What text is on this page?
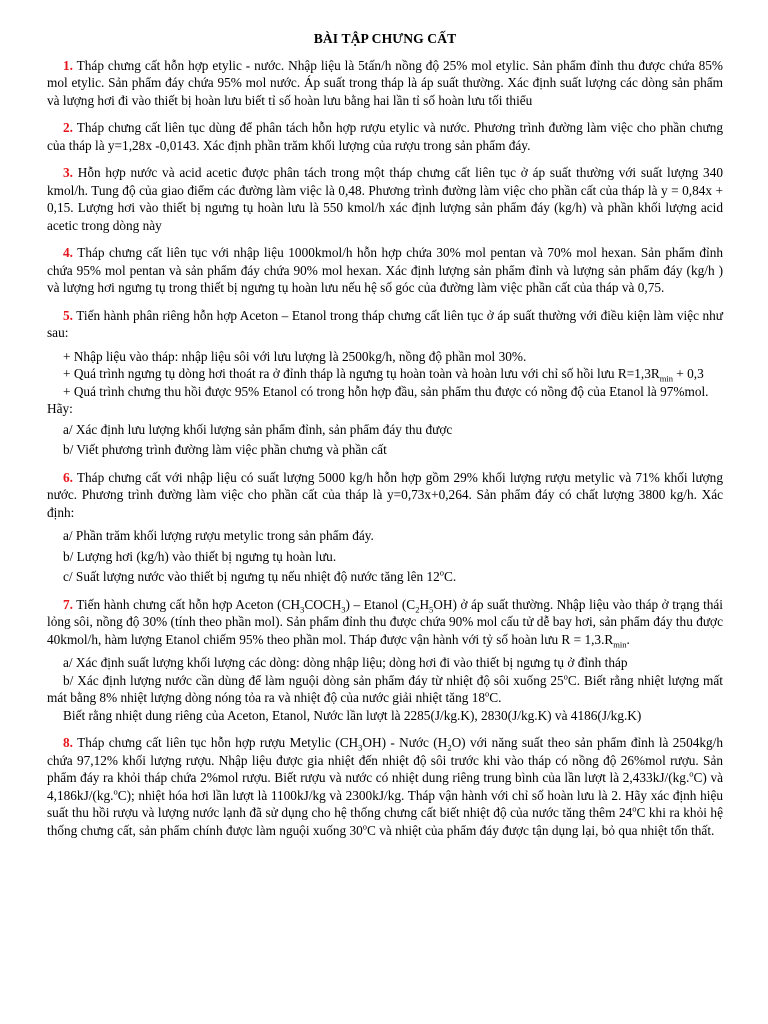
BÀI TẬP CHƯNG CẤT

1. Tháp chưng cất hỗn hợp etylic - nước. Nhập liệu là 5tấn/h nồng độ 25% mol etylic. Sản phẩm đỉnh thu được chứa 85% mol etylic. Sản phẩm đáy chứa 95% mol nước. Áp suất trong tháp là áp suất thường. Xác định suất lượng các dòng sản phẩm và lượng hơi đi vào thiết bị hoàn lưu biết tỉ số hoàn lưu bằng hai lần tỉ số hoàn lưu tối thiểu

2. Tháp chưng cất liên tục dùng để phân tách hỗn hợp rượu etylic và nước. Phương trình đường làm việc cho phần chưng của tháp là y=1,28x -0,0143. Xác định phần trăm khối lượng của rượu trong sản phẩm đáy.

3. Hỗn hợp nước và acid acetic được phân tách trong một tháp chưng cất liên tục ở áp suất thường với suất lượng 340 kmol/h. Tung độ của giao điểm các đường làm việc là 0,48. Phương trình đường làm việc cho phần cất của tháp là y = 0,84x + 0,15. Lượng hơi vào thiết bị ngưng tụ hoàn lưu là 550 kmol/h xác định lượng sản phẩm đáy (kg/h) và phần khối lượng acid acetic trong dòng này

4. Tháp chưng cất liên tục với nhập liệu 1000kmol/h hỗn hợp chứa 30% mol pentan và 70% mol hexan. Sản phẩm đỉnh chứa 95% mol pentan và sản phẩm đáy chứa 90% mol hexan. Xác định lượng sản phẩm đỉnh và lượng sản phẩm đáy (kg/h ) và lượng hơi ngưng tụ trong thiết bị ngưng tụ hoàn lưu nếu hệ số góc của đường làm việc phần cất của tháp và 0,75.

5. Tiến hành phân riêng hỗn hợp Aceton – Etanol trong tháp chưng cất liên tục ở áp suất thường với điều kiện làm việc như sau:

+ Nhập liệu vào tháp: nhập liệu sôi với lưu lượng là 2500kg/h, nồng độ phần mol 30%.

+ Quá trình ngưng tụ dòng hơi thoát ra ở đỉnh tháp là ngưng tụ hoàn toàn và hoàn lưu với chỉ số hồi lưu $R=1,3R_{min} + 0,3$

+ Quá trình chưng thu hồi được 95% Etanol có trong hỗn hợp đầu, sản phẩm thu được có nồng độ của Etanol là 97%mol.

Hãy:

a/ Xác định lưu lượng khối lượng sản phẩm đỉnh, sản phẩm đáy thu được

b/ Viết phương trình đường làm việc phần chưng và phần cất

6. Tháp chưng cất với nhập liệu có suất lượng 5000 kg/h hỗn hợp gồm 29% khối lượng rượu metylic và 71% khối lượng nước. Phương trình đường làm việc cho phần cất của tháp là y=0,73x+0,264. Sản phẩm đáy có chất lượng 3800 kg/h. Xác định:

a/ Phần trăm khối lượng rượu metylic trong sản phẩm đáy.

b/ Lượng hơi (kg/h) vào thiết bị ngưng tụ hoàn lưu.

c/ Suất lượng nước vào thiết bị ngưng tụ nếu nhiệt độ nước tăng lên 12$^o$C.

7. Tiến hành chưng cất hỗn hợp Aceton $(CH_3COCH_3)$ – Etanol $(C_2H_5OH)$ ở áp suất thường. Nhập liệu vào tháp ở trạng thái lỏng sôi, nồng độ 30% (tính theo phần mol). Sản phẩm đỉnh thu được chứa 90% mol cấu tử dễ bay hơi, sản phẩm đáy thu được 40kmol/h, hàm lượng Etanol chiếm 95% theo phần mol. Tháp được vận hành với tỷ số hoàn lưu $R = 1,3.R_{min}$.

a/ Xác định suất lượng khối lượng các dòng: dòng nhập liệu; dòng hơi đi vào thiết bị ngưng tụ ở đỉnh tháp

b/ Xác định lượng nước cần dùng để làm nguội dòng sản phẩm đáy từ nhiệt độ sôi xuống 25$^o$C. Biết rằng nhiệt lượng mất mát bằng 8% nhiệt lượng dòng nóng tỏa ra và nhiệt độ của nước giải nhiệt tăng 18$^o$C.

Biết rằng nhiệt dung riêng của Aceton, Etanol, Nước lần lượt là 2285(J/kg.K), 2830(J/kg.K) và 4186(J/kg.K)

8. Tháp chưng cất liên tục hỗn hợp rượu Metylic $(CH_3OH)$ - Nước $(H_2O)$ với năng suất theo sản phẩm đỉnh là 2504kg/h chứa 97,12% khối lượng rượu. Nhập liệu được gia nhiệt đến nhiệt độ sôi trước khi vào tháp có nồng độ 26%mol rượu. Sản phẩm đáy ra khỏi tháp chứa 2%mol rượu. Biết rượu và nước có nhiệt dung riêng trung bình của lần lượt là 2,433kJ/(kg.$^o$C) và 4,186kJ/(kg.$^o$C); nhiệt hóa hơi lần lượt là 1100kJ/kg và 2300kJ/kg. Tháp vận hành với chỉ số hoàn lưu là 2. Hãy xác định hiệu suất thu hồi rượu và lượng nước lạnh đã sử dụng cho hệ thống chưng cất biết nhiệt độ của nước tăng thêm 24$^o$C khi ra khỏi hệ thống chưng cất, sản phẩm chính được làm nguội xuống 30$^o$C và nhiệt của phẩm đáy được tận dụng lại, bỏ qua nhiệt tổn thất.
